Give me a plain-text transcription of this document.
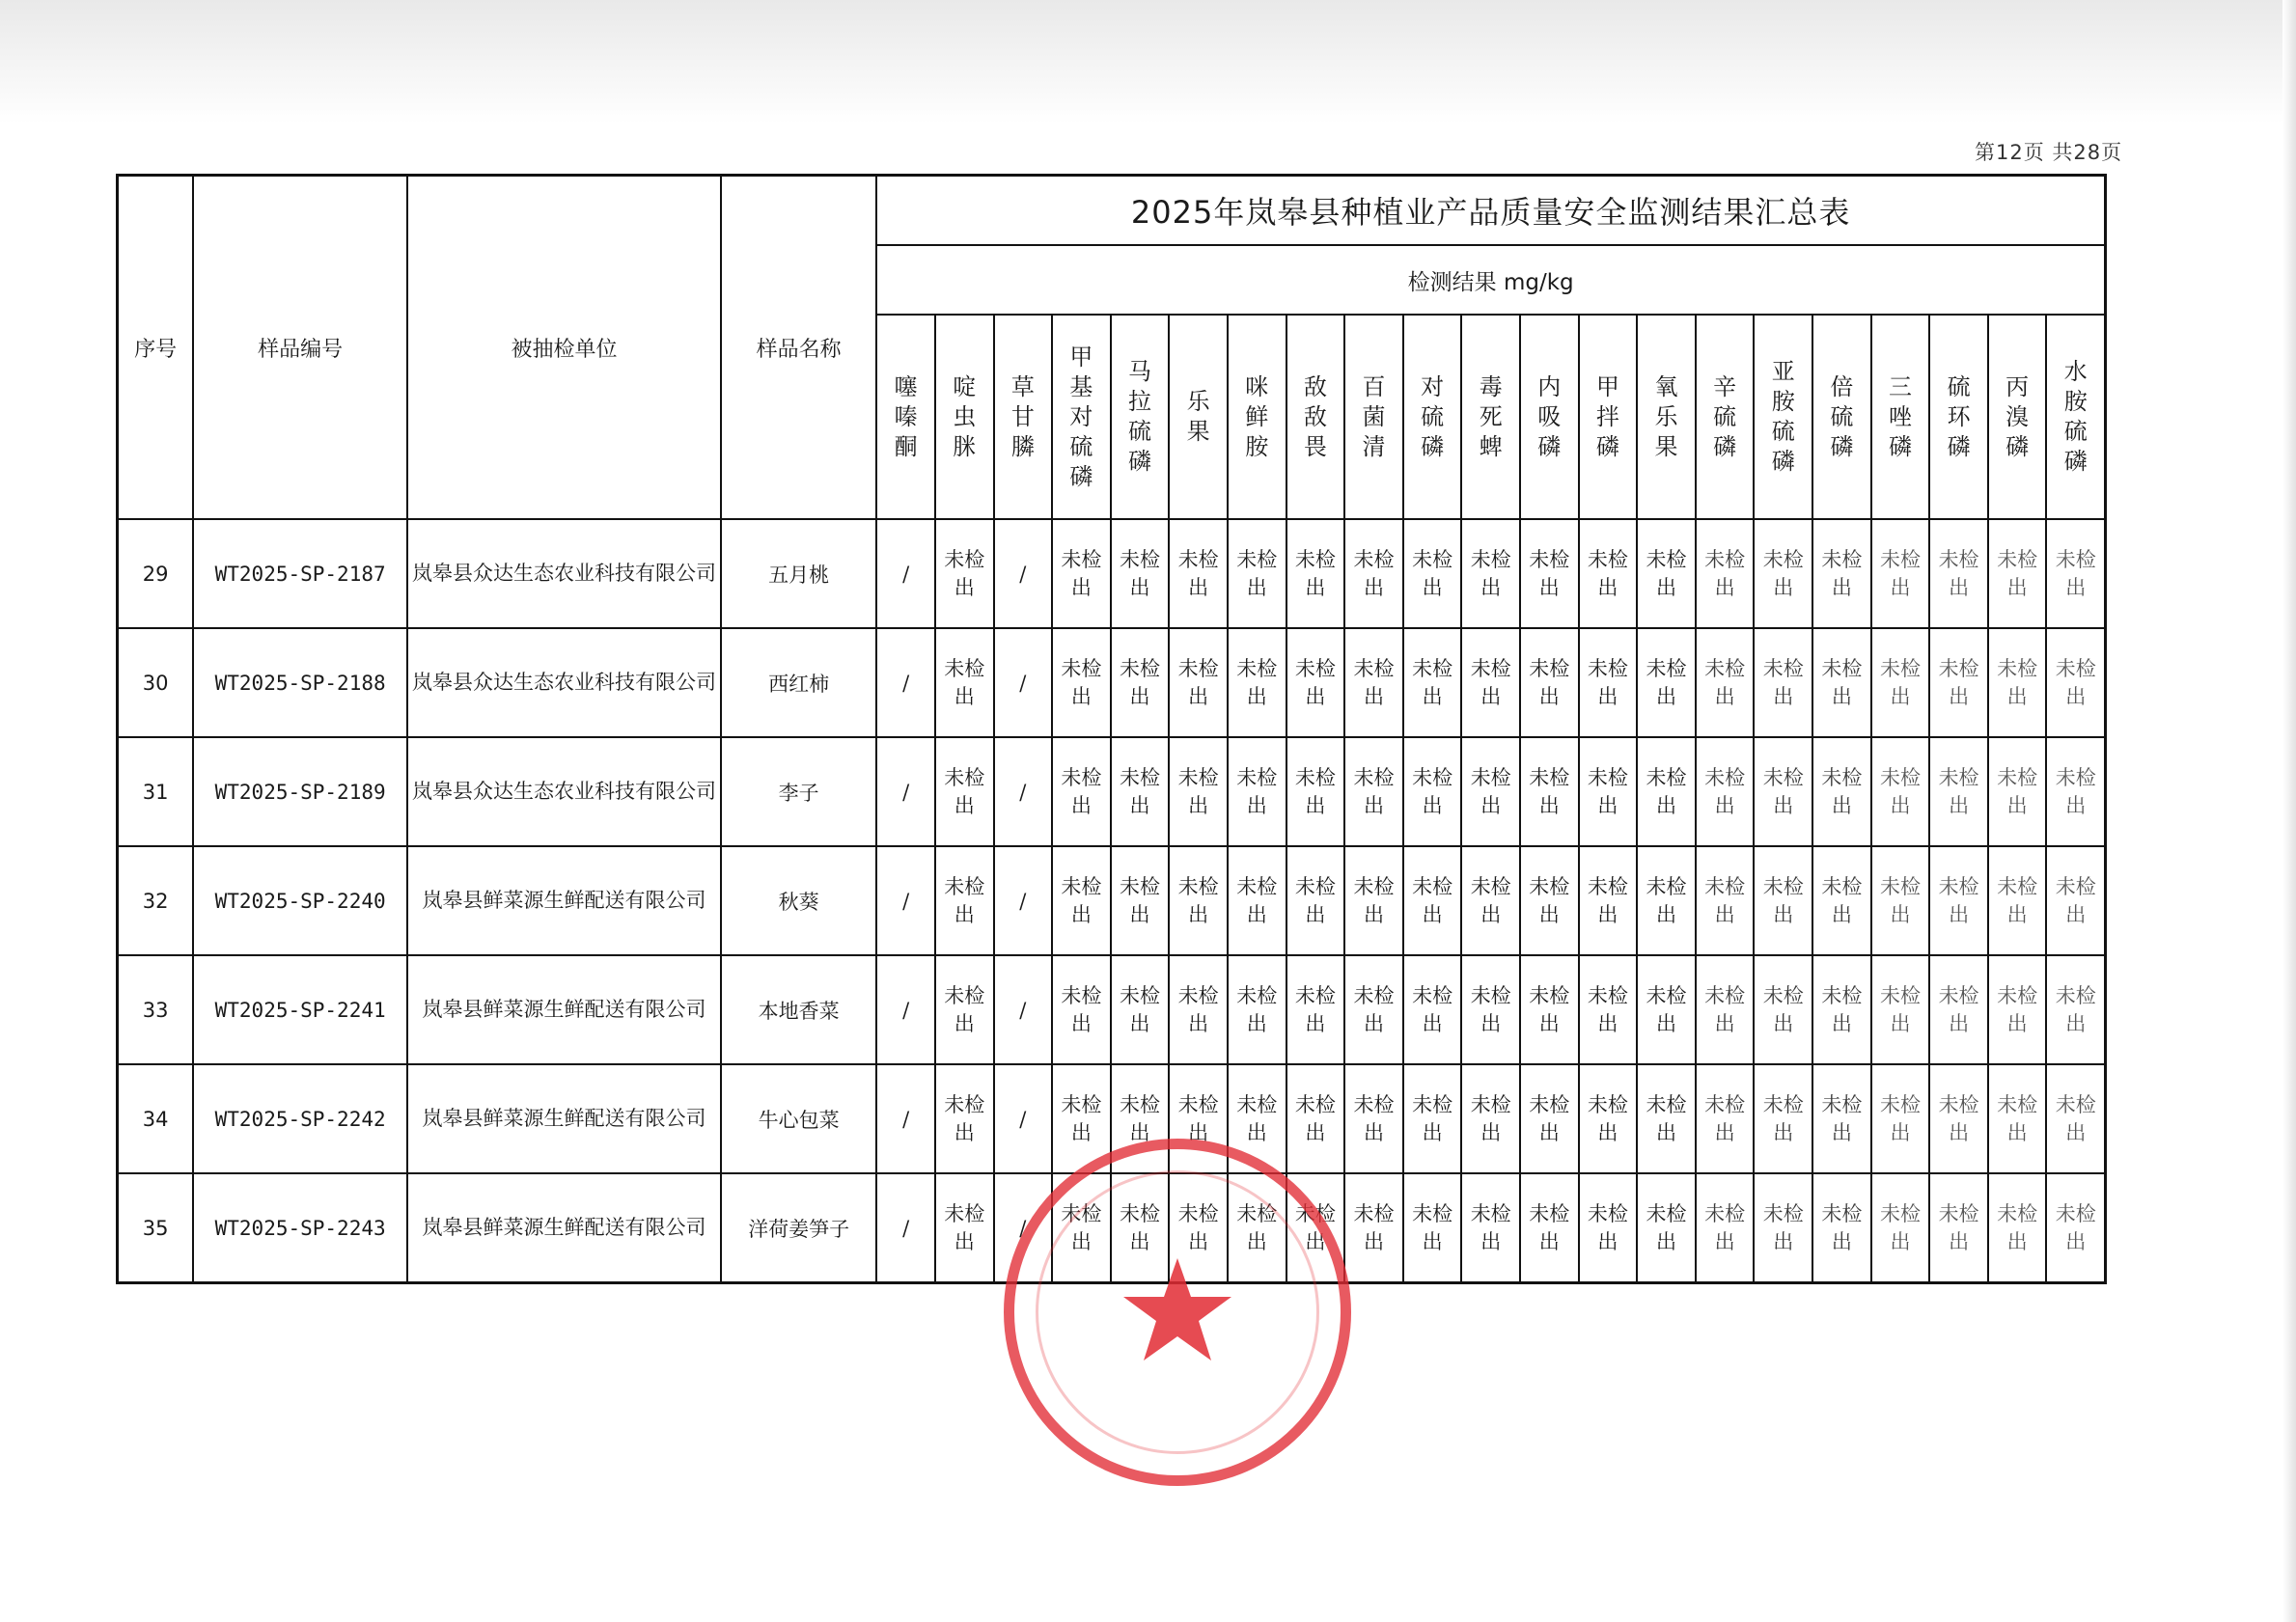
第12页 共28页
序号	样品编号	被抽检单位	样品名称	2025年岚皋县种植业产品质量安全监测结果汇总表																				
				检测结果 mg/kg																				
				噻嗪酮	啶虫脒	草甘膦	甲基对硫磷	马拉硫磷	乐果	咪鲜胺	敌敌畏	百菌清	对硫磷	毒死蜱	内吸磷	甲拌磷	氧乐果	辛硫磷	亚胺硫磷	倍硫磷	三唑磷	硫环磷	丙溴磷	水胺硫磷
29	WT2025-SP-2187	岚皋县众达生态农业科技有限公司	五月桃	/	未检
出	/	未检
出	未检
出	未检
出	未检
出	未检
出	未检
出	未检
出	未检
出	未检
出	未检
出	未检
出	未检
出	未检
出	未检
出	未检
出	未检
出	未检
出	未检
出

30	WT2025-SP-2188	岚皋县众达生态农业科技有限公司	西红柿	/	未检
出	/	未检
出	未检
出	未检
出	未检
出	未检
出	未检
出	未检
出	未检
出	未检
出	未检
出	未检
出	未检
出	未检
出	未检
出	未检
出	未检
出	未检
出	未检
出

31	WT2025-SP-2189	岚皋县众达生态农业科技有限公司	李子	/	未检
出	/	未检
出	未检
出	未检
出	未检
出	未检
出	未检
出	未检
出	未检
出	未检
出	未检
出	未检
出	未检
出	未检
出	未检
出	未检
出	未检
出	未检
出	未检
出

32	WT2025-SP-2240	岚皋县鲜菜源生鲜配送有限公司	秋葵	/	未检
出	/	未检
出	未检
出	未检
出	未检
出	未检
出	未检
出	未检
出	未检
出	未检
出	未检
出	未检
出	未检
出	未检
出	未检
出	未检
出	未检
出	未检
出	未检
出

33	WT2025-SP-2241	岚皋县鲜菜源生鲜配送有限公司	本地香菜	/	未检
出	/	未检
出	未检
出	未检
出	未检
出	未检
出	未检
出	未检
出	未检
出	未检
出	未检
出	未检
出	未检
出	未检
出	未检
出	未检
出	未检
出	未检
出	未检
出

34	WT2025-SP-2242	岚皋县鲜菜源生鲜配送有限公司	牛心包菜	/	未检
出	/	未检
出	未检
出	未检
出	未检
出	未检
出	未检
出	未检
出	未检
出	未检
出	未检
出	未检
出	未检
出	未检
出	未检
出	未检
出	未检
出	未检
出	未检
出

35	WT2025-SP-2243	岚皋县鲜菜源生鲜配送有限公司	洋荷姜笋子	/	未检
出	/	未检
出	未检
出	未检
出	未检
出	未检
出	未检
出	未检
出	未检
出	未检
出	未检
出	未检
出	未检
出	未检
出	未检
出	未检
出	未检
出	未检
出	未检
出
